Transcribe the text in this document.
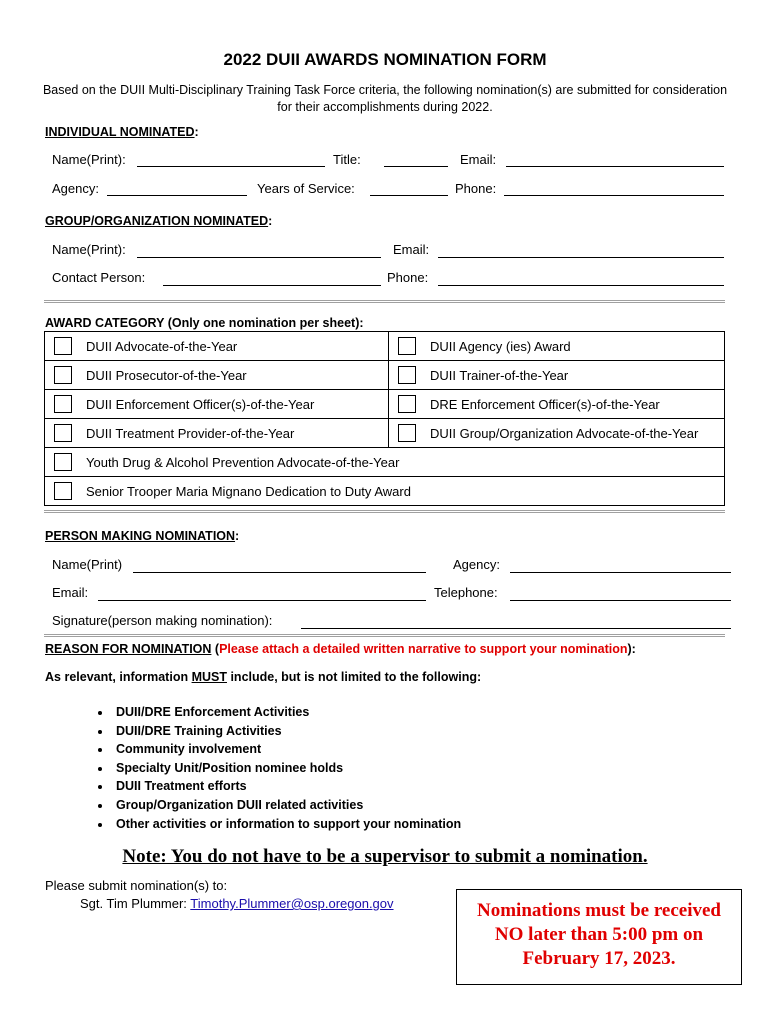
2022 DUII AWARDS NOMINATION FORM
Based on the DUII Multi-Disciplinary Training Task Force criteria, the following nomination(s) are submitted for consideration for their accomplishments during 2022.
INDIVIDUAL NOMINATED:
Name(Print):	Title:	Email:
Agency:	Years of Service:	Phone:
GROUP/ORGANIZATION NOMINATED:
Name(Print):	Email:
Contact Person:	Phone:
AWARD CATEGORY (Only one nomination per sheet):
DUII Advocate-of-the-Year	DUII Agency (ies) Award

DUII Prosecutor-of-the-Year	DUII Trainer-of-the-Year

DUII Enforcement Officer(s)-of-the-Year	DRE Enforcement Officer(s)-of-the-Year

DUII Treatment Provider-of-the-Year	DUII Group/Organization Advocate-of-the-Year

Youth Drug & Alcohol Prevention Advocate-of-the-Year	

Senior Trooper Maria Mignano Dedication to Duty Award	
PERSON MAKING NOMINATION:
Name(Print)	Agency:
Email:	Telephone:
Signature(person making nomination):
REASON FOR NOMINATION (Please attach a detailed written narrative to support your nomination):
As relevant, information MUST include, but is not limited to the following:
• DUII/DRE Enforcement Activities
• DUII/DRE Training Activities
• Community involvement
• Specialty Unit/Position nominee holds
• DUII Treatment efforts
• Group/Organization DUII related activities
• Other activities or information to support your nomination
Note: You do not have to be a supervisor to submit a nomination.
Please submit nomination(s) to:
Sgt. Tim Plummer: Timothy.Plummer@osp.oregon.gov	Nominations must be received
NO later than 5:00 pm on
February 17, 2023.
